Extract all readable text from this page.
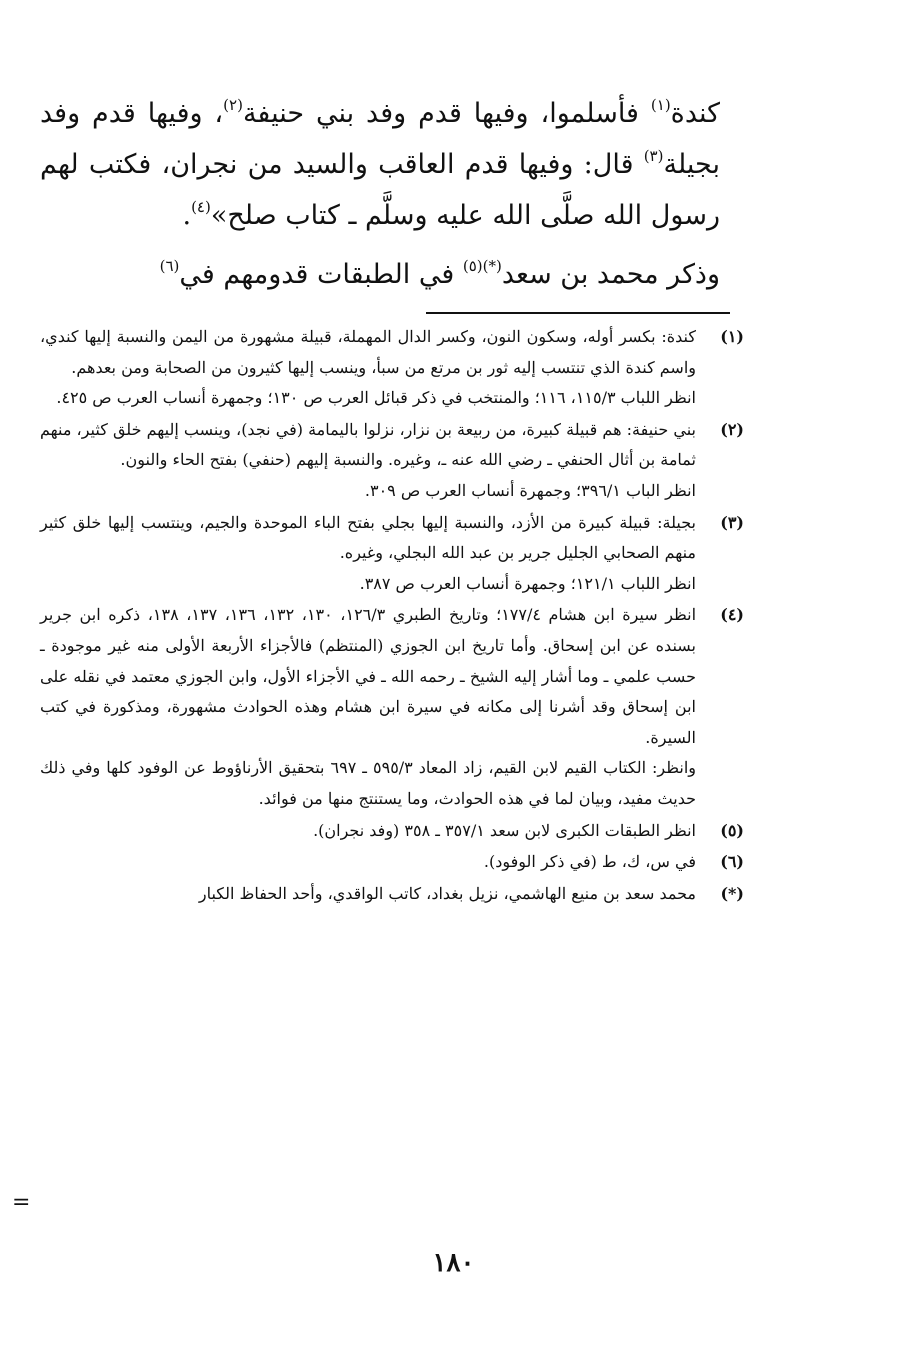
كندة$^{(١)}$ فأسلموا، وفيها قدم وفد بني حنيفة$^{(٢)}$، وفيها قدم وفد بجيلة$^{(٣)}$ قال: وفيها قدم العاقب والسيد من نجران، فكتب لهم رسول الله صلَّى الله عليه وسلَّم ـ كتاب صلح»$^{(٤)}$.

وذكر محمد بن سعد$^{(*)(٥)}$ في الطبقات قدومهم في$^{(٦)}$

(١)
كندة: بكسر أوله، وسكون النون، وكسر الدال المهملة، قبيلة مشهورة من اليمن والنسبة إليها كندي، واسم كندة الذي تنتسب إليه ثور بن مرتع من سبأ، وينسب إليها كثيرون من الصحابة ومن بعدهم.
انظر اللباب ١١٥/٣، ١١٦؛ والمنتخب في ذكر قبائل العرب ص ١٣٠؛ وجمهرة أنساب العرب ص ٤٢٥.
(٢)
بني حنيفة: هم قبيلة كبيرة، من ربيعة بن نزار، نزلوا باليمامة (في نجد)، وينسب إليهم خلق كثير، منهم ثمامة بن أثال الحنفي ـ رضي الله عنه ـ، وغيره. والنسبة إليهم (حنفي) بفتح الحاء والنون.
انظر الباب ٣٩٦/١؛ وجمهرة أنساب العرب ص ٣٠٩.
(٣)
بجيلة: قبيلة كبيرة من الأزد، والنسبة إليها بجلي بفتح الباء الموحدة والجيم، وينتسب إليها خلق كثير منهم الصحابي الجليل جرير بن عبد الله البجلي، وغيره.
انظر اللباب ١٢١/١؛ وجمهرة أنساب العرب ص ٣٨٧.
(٤)
انظر سيرة ابن هشام ١٧٧/٤؛ وتاريخ الطبري ١٢٦/٣، ١٣٠، ١٣٢، ١٣٦، ١٣٧، ١٣٨، ذكره ابن جرير بسنده عن ابن إسحاق. وأما تاريخ ابن الجوزي (المنتظم) فالأجزاء الأربعة الأولى منه غير موجودة ـ حسب علمي ـ وما أشار إليه الشيخ ـ رحمه الله ـ في الأجزاء الأول، وابن الجوزي معتمد في نقله على ابن إسحاق وقد أشرنا إلى مكانه في سيرة ابن هشام وهذه الحوادث مشهورة، ومذكورة في كتب السيرة.
وانظر: الكتاب القيم لابن القيم، زاد المعاد ٥٩٥/٣ ـ ٦٩٧ بتحقيق الأرناؤوط عن الوفود كلها وفي ذلك حديث مفيد، وبيان لما في هذه الحوادث، وما يستنتج منها من فوائد.
(٥)
انظر الطبقات الكبرى لابن سعد ٣٥٧/١ ـ ٣٥٨ (وفد نجران).
(٦)
في س، ك، ط (في ذكر الوفود).
(*)
محمد سعد بن منيع الهاشمي، نزيل بغداد، كاتب الواقدي، وأحد الحفاظ الكبار
=
١٨٠
